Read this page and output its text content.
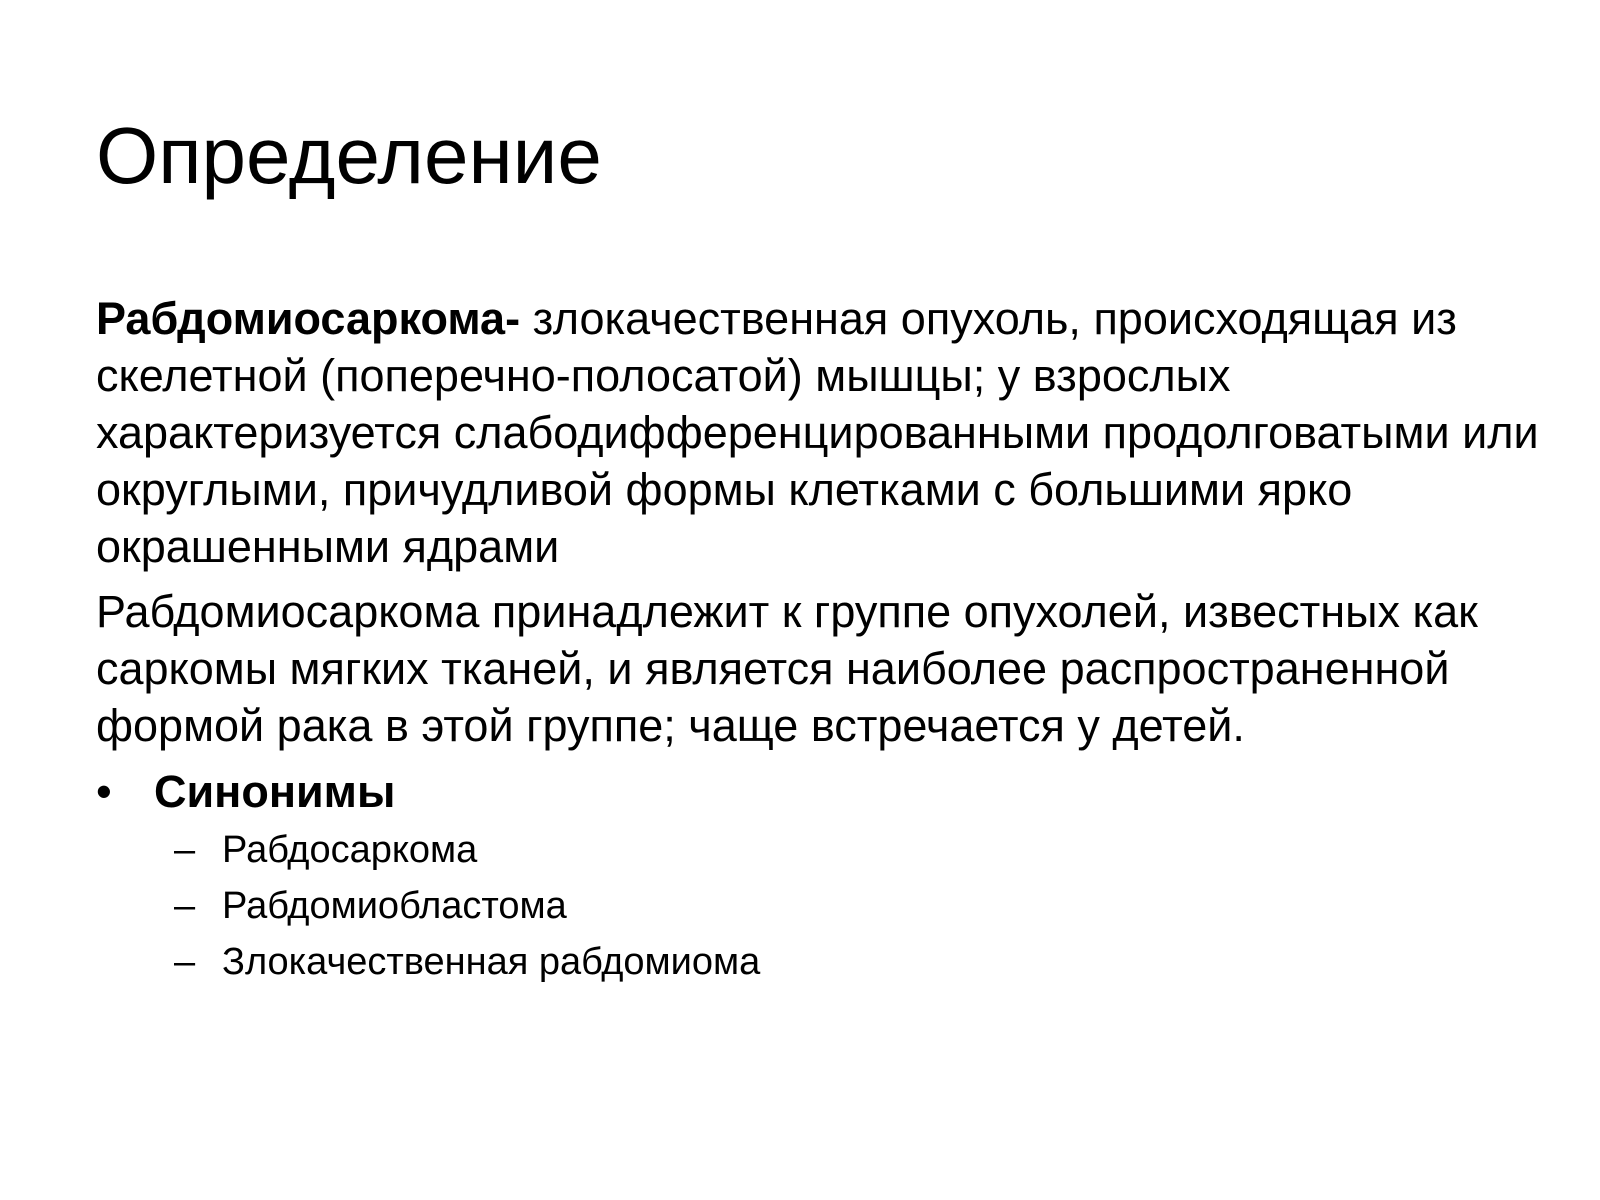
Определение

Рабдомиосаркома- злокачественная опухоль, происходящая из скелетной (поперечно-полосатой) мышцы; у взрослых характеризуется слабодифференцированными продолговатыми или округлыми, причудливой формы клетками с большими ярко окрашенными ядрами

Рабдомиосаркома принадлежит к группе опухолей, известных как саркомы мягких тканей, и является наиболее распространенной формой рака в этой группе; чаще встречается у детей.

• Синонимы
– Рабдосаркома
– Рабдомиобластома
– Злокачественная рабдомиома
